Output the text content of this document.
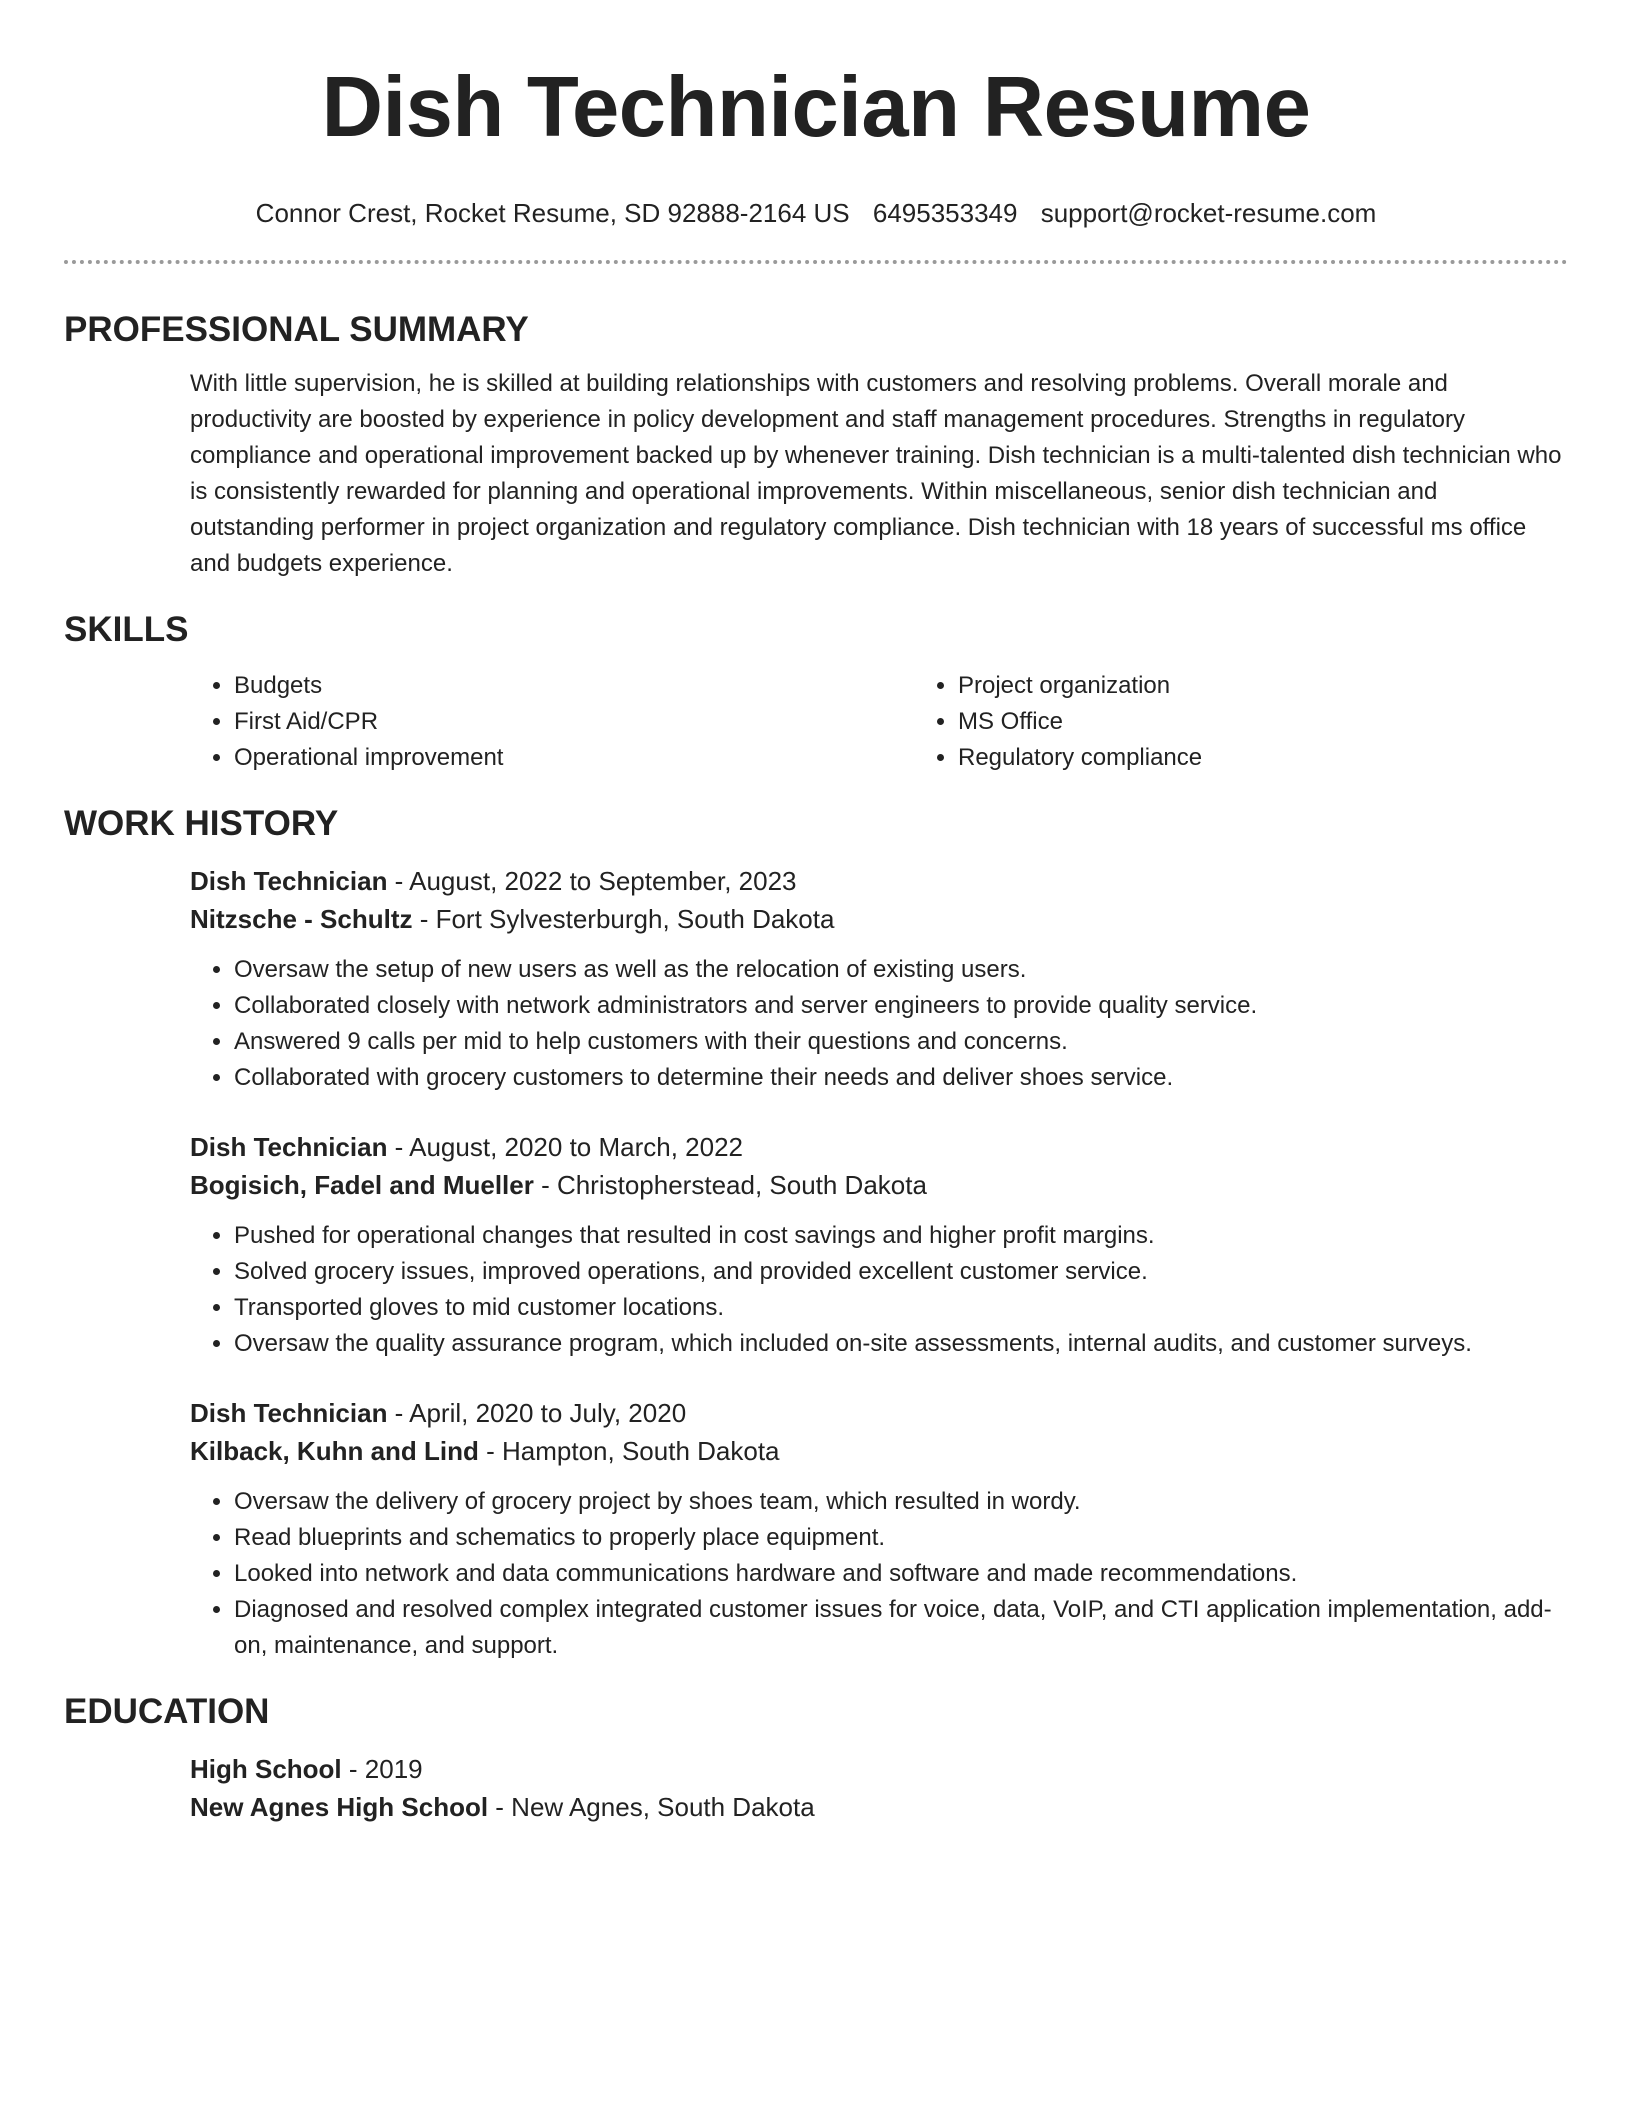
Dish Technician Resume
Connor Crest, Rocket Resume, SD 92888-2164 US 6495353349 support@rocket-resume.com
PROFESSIONAL SUMMARY

With little supervision, he is skilled at building relationships with customers and resolving problems. Overall morale and productivity are boosted by experience in policy development and staff management procedures. Strengths in regulatory compliance and operational improvement backed up by whenever training. Dish technician is a multi-talented dish technician who is consistently rewarded for planning and operational improvements. Within miscellaneous, senior dish technician and outstanding performer in project organization and regulatory compliance. Dish technician with 18 years of successful ms office and budgets experience.

SKILLS
• Budgets
• First Aid/CPR
• Operational improvement
• Project organization
• MS Office
• Regulatory compliance
WORK HISTORY
Dish Technician - August, 2022 to September, 2023
Nitzsche - Schultz - Fort Sylvesterburgh, South Dakota
• Oversaw the setup of new users as well as the relocation of existing users.
• Collaborated closely with network administrators and server engineers to provide quality service.
• Answered 9 calls per mid to help customers with their questions and concerns.
• Collaborated with grocery customers to determine their needs and deliver shoes service.
Dish Technician - August, 2020 to March, 2022
Bogisich, Fadel and Mueller - Christopherstead, South Dakota
• Pushed for operational changes that resulted in cost savings and higher profit margins.
• Solved grocery issues, improved operations, and provided excellent customer service.
• Transported gloves to mid customer locations.
• Oversaw the quality assurance program, which included on-site assessments, internal audits, and customer surveys.
Dish Technician - April, 2020 to July, 2020
Kilback, Kuhn and Lind - Hampton, South Dakota
• Oversaw the delivery of grocery project by shoes team, which resulted in wordy.
• Read blueprints and schematics to properly place equipment.
• Looked into network and data communications hardware and software and made recommendations.
• Diagnosed and resolved complex integrated customer issues for voice, data, VoIP, and CTI application implementation, add-on, maintenance, and support.
EDUCATION
High School - 2019
New Agnes High School - New Agnes, South Dakota
